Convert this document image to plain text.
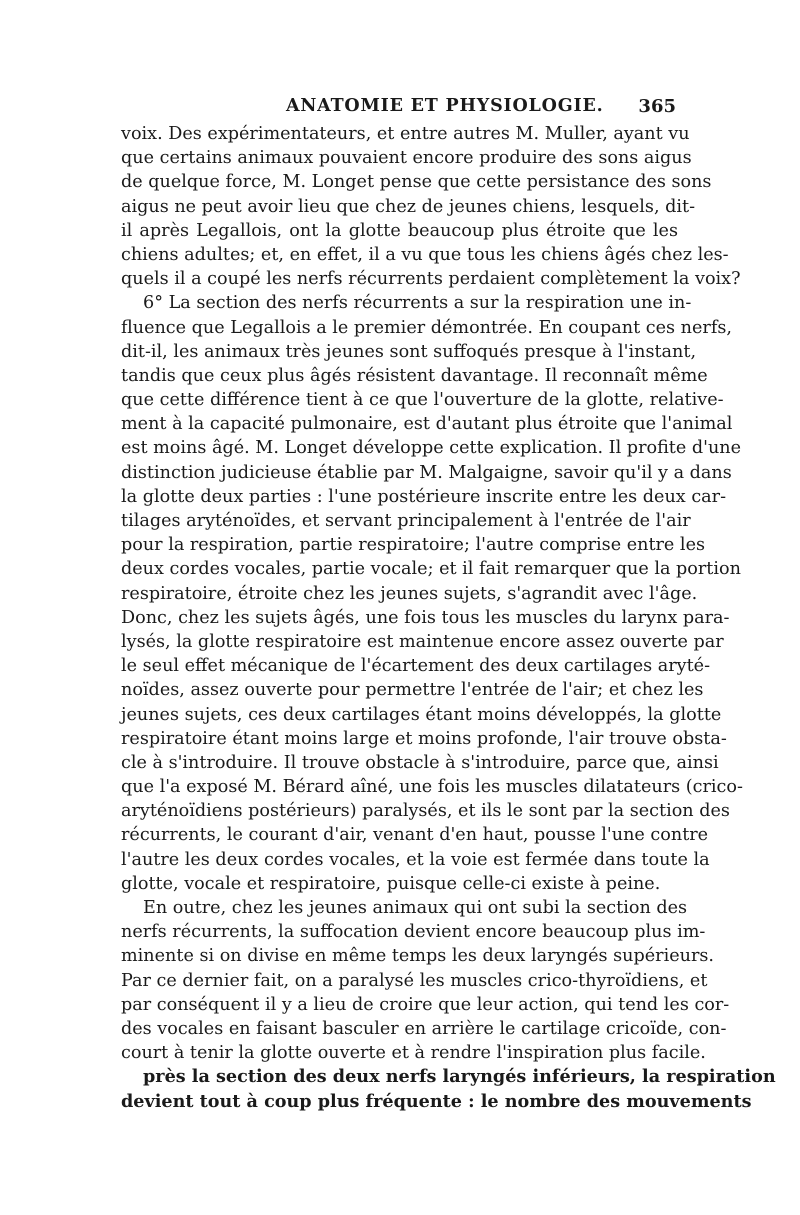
ANATOMIE ET PHYSIOLOGIE. 365
voix. Des expérimentateurs, et entre autres M. Muller, ayant vu
que certains animaux pouvaient encore produire des sons aigus
de quelque force, M. Longet pense que cette persistance des sons
aigus ne peut avoir lieu que chez de jeunes chiens, lesquels, dit-
il après Legallois, ont la glotte beaucoup plus étroite que les
chiens adultes; et, en effet, il a vu que tous les chiens âgés chez les-
quels il a coupé les nerfs récurrents perdaient complètement la voix?
6° La section des nerfs récurrents a sur la respiration une in-
fluence que Legallois a le premier démontrée. En coupant ces nerfs,
dit-il, les animaux très jeunes sont suffoqués presque à l'instant,
tandis que ceux plus âgés résistent davantage. Il reconnaît même
que cette différence tient à ce que l'ouverture de la glotte, relative-
ment à la capacité pulmonaire, est d'autant plus étroite que l'animal
est moins âgé. M. Longet développe cette explication. Il profite d'une
distinction judicieuse établie par M. Malgaigne, savoir qu'il y a dans
la glotte deux parties : l'une postérieure inscrite entre les deux car-
tilages aryténoïdes, et servant principalement à l'entrée de l'air
pour la respiration, partie respiratoire; l'autre comprise entre les
deux cordes vocales, partie vocale; et il fait remarquer que la portion
respiratoire, étroite chez les jeunes sujets, s'agrandit avec l'âge.
Donc, chez les sujets âgés, une fois tous les muscles du larynx para-
lysés, la glotte respiratoire est maintenue encore assez ouverte par
le seul effet mécanique de l'écartement des deux cartilages aryté-
noïdes, assez ouverte pour permettre l'entrée de l'air; et chez les
jeunes sujets, ces deux cartilages étant moins développés, la glotte
respiratoire étant moins large et moins profonde, l'air trouve obsta-
cle à s'introduire. Il trouve obstacle à s'introduire, parce que, ainsi
que l'a exposé M. Bérard aîné, une fois les muscles dilatateurs (crico-
aryténoïdiens postérieurs) paralysés, et ils le sont par la section des
récurrents, le courant d'air, venant d'en haut, pousse l'une contre
l'autre les deux cordes vocales, et la voie est fermée dans toute la
glotte, vocale et respiratoire, puisque celle-ci existe à peine.
En outre, chez les jeunes animaux qui ont subi la section des
nerfs récurrents, la suffocation devient encore beaucoup plus im-
minente si on divise en même temps les deux laryngés supérieurs.
Par ce dernier fait, on a paralysé les muscles crico-thyroïdiens, et
par conséquent il y a lieu de croire que leur action, qui tend les cor-
des vocales en faisant basculer en arrière le cartilage cricoïde, con-
court à tenir la glotte ouverte et à rendre l'inspiration plus facile.
près la section des deux nerfs laryngés inférieurs, la respiration
devient tout à coup plus fréquente : le nombre des mouvements
